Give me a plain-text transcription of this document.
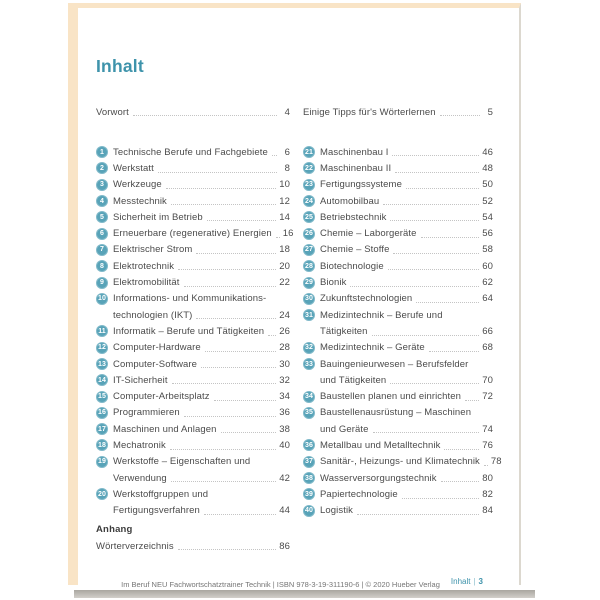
Inhalt
Vorwort	4 Einige Tipps für's Wörterlernen	5
1 Technische Berufe und Fachgebiete	6
2 Werkstatt	8
3 Werkzeuge	10
4 Messtechnik	12
5 Sicherheit im Betrieb	14
6 Erneuerbare (regenerative) Energien 16
7 Elektrischer Strom	18
8 Elektrotechnik	20
9 Elektromobilität	22
10 Informations- und Kommunikations-
technologien (IKT)	24
11 Informatik – Berufe und Tätigkeiten 26
12 Computer-Hardware	28
13 Computer-Software	30
14 IT-Sicherheit	32
15 Computer-Arbeitsplatz	34
16 Programmieren	36
17 Maschinen und Anlagen	38
18 Mechatronik	40
19 Werkstoffe – Eigenschaften und
Verwendung	42
20 Werkstoffgruppen und
Fertigungsverfahren	44
21 Maschinenbau I	46
22 Maschinenbau II	48
23 Fertigungssysteme	50
24 Automobilbau	52
25 Betriebstechnik	54
26 Chemie – Laborgeräte	56
27 Chemie – Stoffe	58
28 Biotechnologie	60
29 Bionik	62
30 Zukunftstechnologien	64
31 Medizintechnik – Berufe und
Tätigkeiten	66
32 Medizintechnik – Geräte	68
33 Bauingenieurwesen – Berufsfelder
und Tätigkeiten	70
34 Baustellen planen und einrichten 72
35 Baustellenausrüstung – Maschinen
und Geräte	74
36 Metallbau und Metalltechnik	76
37 Sanitär-, Heizungs- und Klimatechnik 78
38 Wasserversorgungstechnik	80
39 Papiertechnologie	82
40 Logistik	84
Anhang
Wörterverzeichnis	86
Im Beruf NEU Fachwortschatztrainer Technik | ISBN 978-3-19-311190-6 | © 2020 Hueber Verlag	Inhalt | 3
